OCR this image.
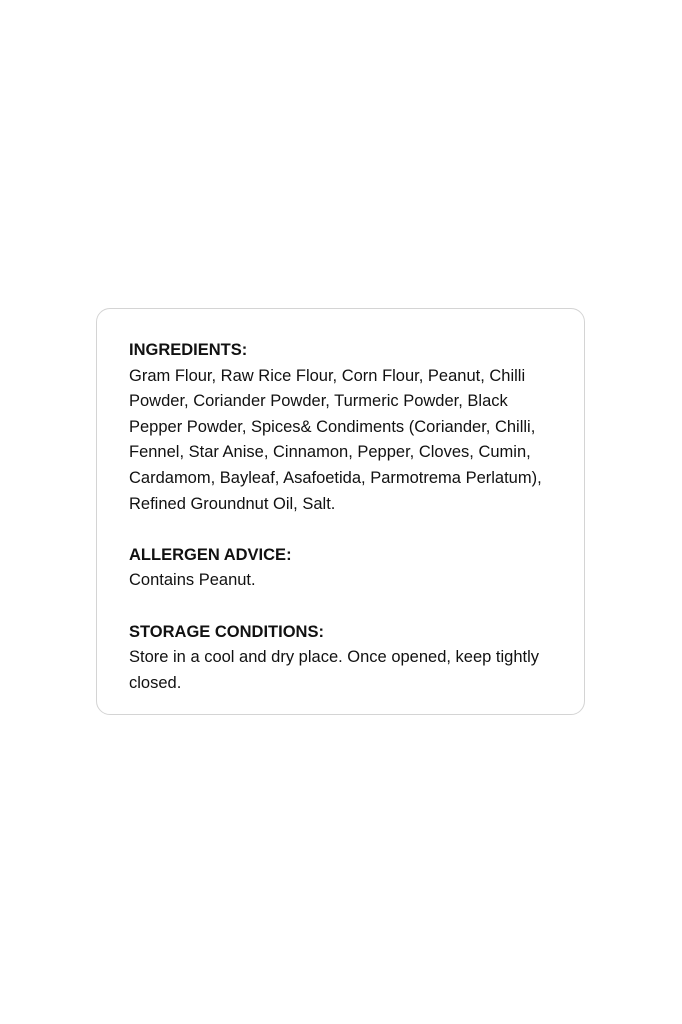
INGREDIENTS:

Gram Flour, Raw Rice Flour, Corn Flour, Peanut, Chilli Powder, Coriander Powder, Turmeric Powder, Black Pepper Powder, Spices& Condiments (Coriander, Chilli, Fennel, Star Anise, Cinnamon, Pepper, Cloves, Cumin, Cardamom, Bayleaf, Asafoetida, Parmotrema Perlatum), Refined Groundnut Oil, Salt.

ALLERGEN ADVICE:

Contains Peanut.

STORAGE CONDITIONS:

Store in a cool and dry place. Once opened, keep tightly closed.
